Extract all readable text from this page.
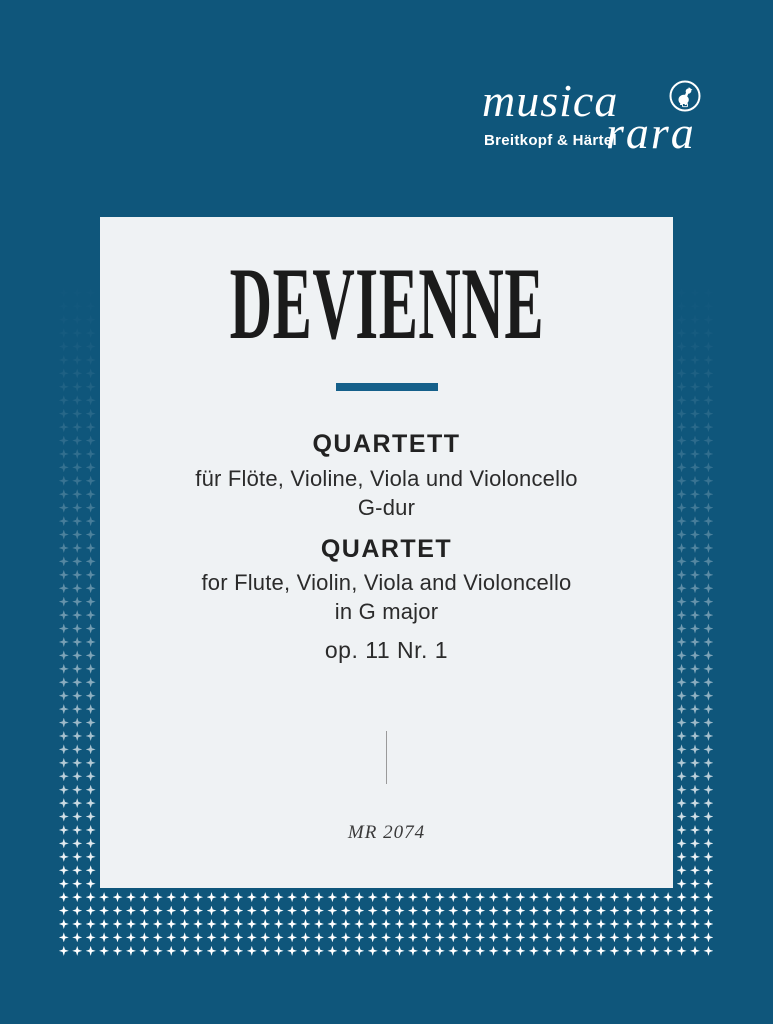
musica
rara
Breitkopf & Härtel
DEVIENNE
QUARTETT
für Flöte, Violine, Viola und Violoncello
G-dur
QUARTET
for Flute, Violin, Viola and Violoncello
in G major
op. 11 Nr. 1
MR 2074
